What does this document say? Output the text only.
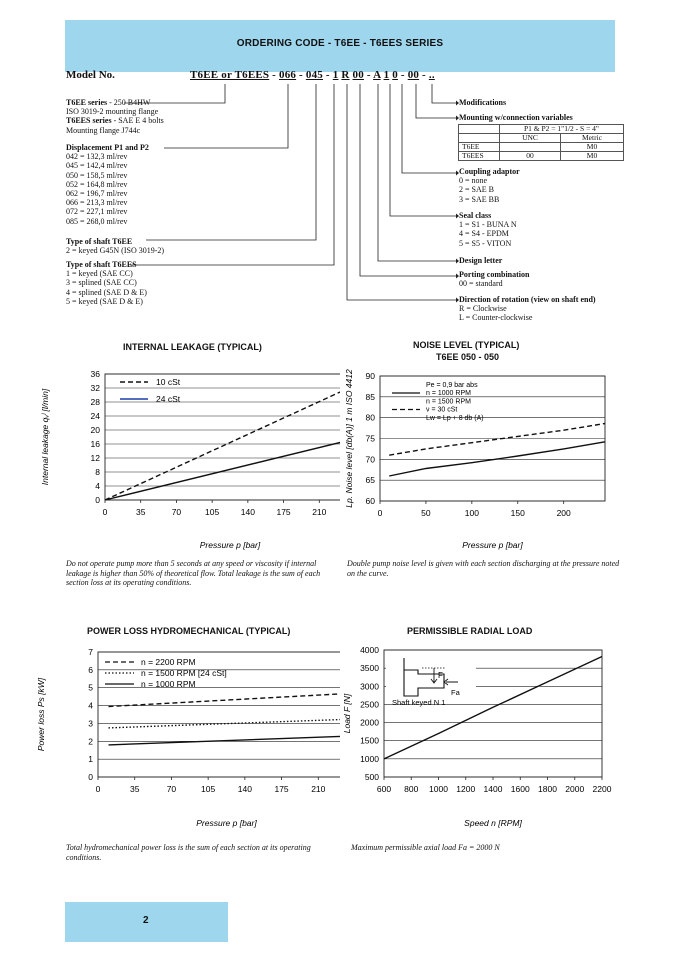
ORDERING CODE - T6EE - T6EES SERIES
2
Model No.	T6EE or T6EES - 066 - 045 - 1 R 00 - A 1 0 - 00 - ..
T6EE series - 250 B4HW
ISO 3019-2 mounting flange
T6EES series - SAE E 4 bolts
Mounting flange J744c
Displacement P1 and P2
042 = 132,3 ml/rev
045 = 142,4 ml/rev
050 = 158,5 ml/rev
052 = 164,8 ml/rev
062 = 196,7 ml/rev
066 = 213,3 ml/rev
072 = 227,1 ml/rev
085 = 268,0 ml/rev
Type of shaft T6EE
2 = keyed G45N (ISO 3019-2)
Type of shaft T6EES
1 = keyed (SAE CC)
3 = splined (SAE CC)
4 = splined (SAE D & E)
5 = keyed (SAE D & E)
Modifications
Mounting w/connection variables
	P1 & P2 = 1"1/2 - S = 4"	
	UNC	Metric
T6EE		M0
T6EES	00	M0
Coupling adaptor
0 = none
2 = SAE B
3 = SAE BB
Seal class
1 = S1 - BUNA N
4 = S4 - EPDM
5 = S5 - VITON
Design letter
Porting combination
00 = standard
Direction of rotation (view on shaft end)
R = Clockwise
L = Counter-clockwise
INTERNAL LEAKAGE (TYPICAL)	NOISE LEVEL (TYPICAL)
T6EE 050 - 050
POWER LOSS HYDROMECHANICAL (TYPICAL)	PERMISSIBLE RADIAL LOAD
0
4
8
12
16
20
24
28
32
36
0	35	70	105	140	175	210
Pressure p [bar]
Internal leakage qᵥˡ [l/min]
10 cSt
24 cSt
60
65
70
75
80
85
90
0	50	100	150	200
Pressure p [bar]
Lp. Noise level [db(A)] 1 m ISO 4412	Pe = 0,9 bar abs
n = 1000 RPM
n = 1500 RPM
ν = 30 cSt
Lw = Lp + 8 db (A)
0
1
2
3
4
5
6
7
0	35	70	105	140	175	210
Pressure p [bar]
Power loss Ps [kW]
n = 2200 RPM
n = 1500 RPM [24 cSt]
n = 1000 RPM
500
1000
1500
2000
2500
3000
3500
4000
600 800 1000 1200 1400 1600 1800 2000 2200
Speed n [RPM]
Load F [N]
F
Fa
Shaft keyed N 1
Do not operate pump more than 5 seconds at any speed or viscosity if internal leakage is higher than 50% of theoretical flow. Total leakage is the sum of each section loss at its operating conditions.
Double pump noise level is given with each section discharging at the pressure noted on the curve.
Total hydromechanical power loss is the sum of each section at its operating conditions.
Maximum permissible axial load Fa = 2000 N
